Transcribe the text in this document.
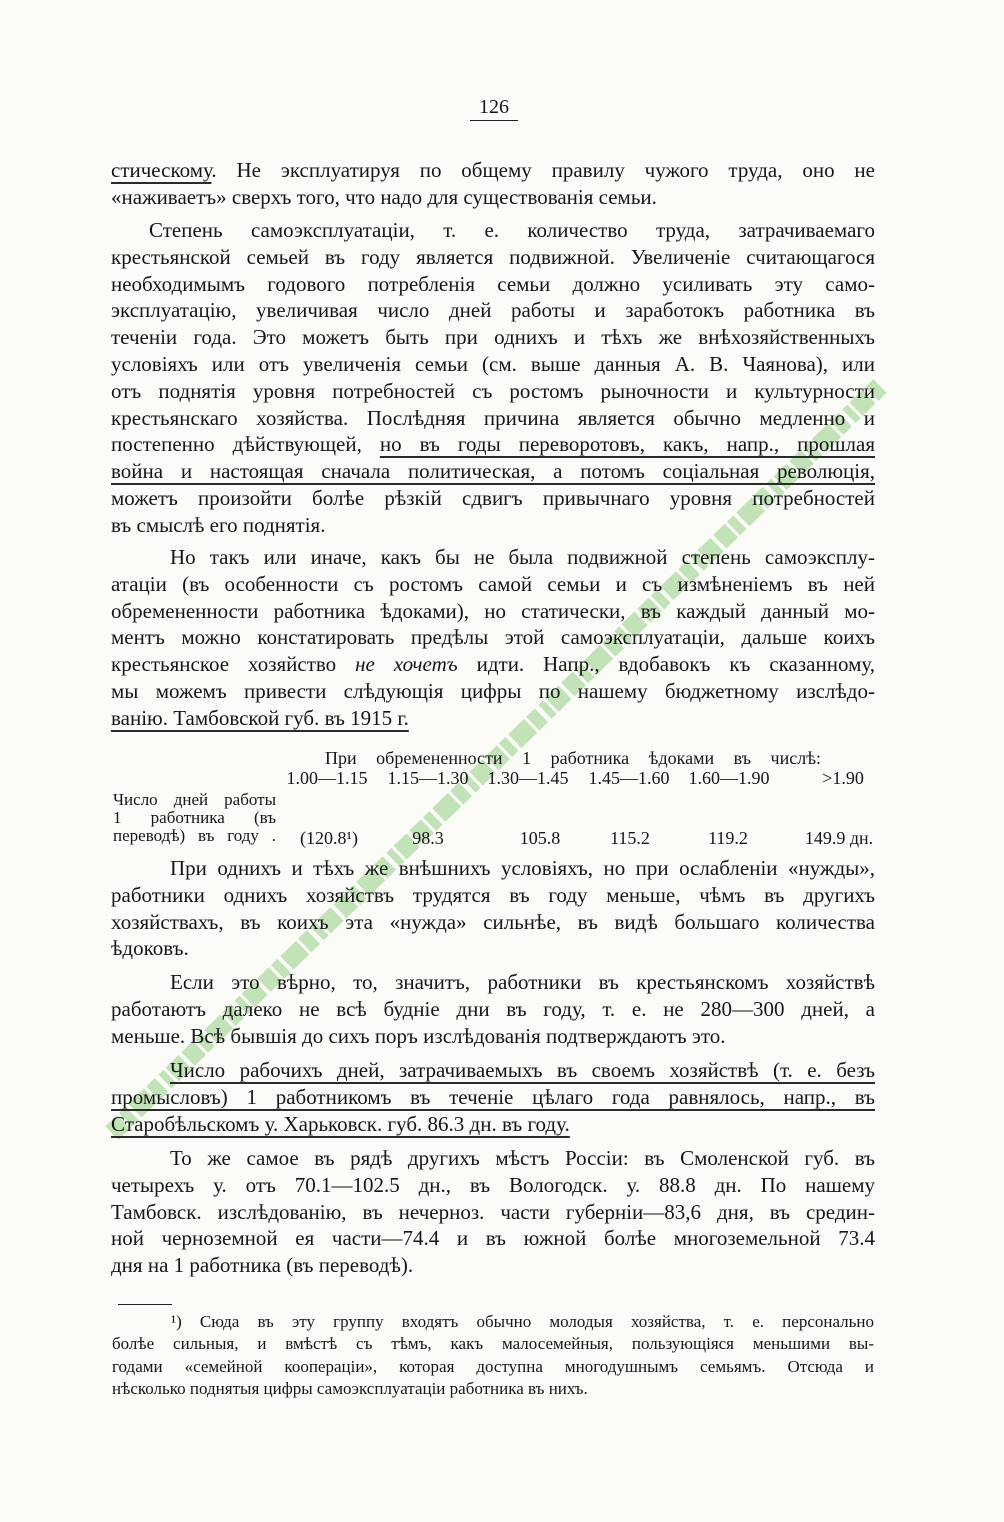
126
стическому. Не эксплуатируя по общему правилу чужого труда, оно не
«наживаетъ» сверхъ того, что надо для существованія семьи.
Степень самоэксплуатаціи, т. е. количество труда, затрачиваемаго
крестьянской семьей въ году является подвижной. Увеличеніе считающагося
необходимымъ годового потребленія семьи должно усиливать эту само-
эксплуатацію, увеличивая число дней работы и заработокъ работника въ
теченіи года. Это можетъ быть при однихъ и тѣхъ же внѣхозяйственныхъ
условіяхъ или отъ увеличенія семьи (см. выше данныя А. В. Чаянова), или
отъ поднятія уровня потребностей съ ростомъ рыночности и культурности
крестьянскаго хозяйства. Послѣдняя причина является обычно медленно и
постепенно дѣйствующей, но въ годы переворотовъ, какъ, напр., прошлая
война и настоящая сначала политическая, а потомъ соціальная революція,
можетъ произойти болѣе рѣзкій сдвигъ привычнаго уровня потребностей
въ смыслѣ его поднятія.
Но такъ или иначе, какъ бы не была подвижной степень самоэксплу-
атаціи (въ особенности съ ростомъ самой семьи и съ измѣненіемъ въ ней
обремененности работника ѣдоками), но статически, въ каждый данный мо-
ментъ можно констатировать предѣлы этой самоэксплуатаціи, дальше коихъ
крестьянское хозяйство не хочетъ идти. Напр., вдобавокъ къ сказанному,
мы можемъ привести слѣдующія цифры по нашему бюджетному изслѣдо-
ванію. Тамбовской губ. въ 1915 г.
При обремененности 1 работника ѣдоками въ числѣ:
1.00—1.15	1.15—1.30	1.30—1.45	1.45—1.60	1.60—1.90	>1.90
Число дней работы
1 работника (въ
переводѣ) въ году .	(120.8¹)	98.3	105.8	115.2	119.2	149.9 дн.
При однихъ и тѣхъ же внѣшнихъ условіяхъ, но при ослабленіи «нужды»,
работники однихъ хозяйствъ трудятся въ году меньше, чѣмъ въ другихъ
хозяйствахъ, въ коихъ эта «нужда» сильнѣе, въ видѣ большаго количества
ѣдоковъ.
Если это вѣрно, то, значитъ, работники въ крестьянскомъ хозяйствѣ
работаютъ далеко не всѣ будніе дни въ году, т. е. не 280—300 дней, а
меньше. Всѣ бывшія до сихъ поръ изслѣдованія подтверждаютъ это.
Число рабочихъ дней, затрачиваемыхъ въ своемъ хозяйствѣ (т. е. безъ
промысловъ) 1 работникомъ въ теченіе цѣлаго года равнялось, напр., въ
Старобѣльскомъ у. Харьковск. губ. 86.3 дн. въ году.
То же самое въ рядѣ другихъ мѣстъ Россіи: въ Смоленской губ. въ
четырехъ у. отъ 70.1—102.5 дн., въ Вологодск. у. 88.8 дн. По нашему
Тамбовск. изслѣдованію, въ нечерноз. части губерніи—83,6 дня, въ средин-
ной черноземной ея части—74.4 и въ южной болѣе многоземельной 73.4
дня на 1 работника (въ переводѣ).
¹) Сюда въ эту группу входятъ обычно молодыя хозяйства, т. е. персонально
болѣе сильныя, и вмѣстѣ съ тѣмъ, какъ малосемейныя, пользующіяся меньшими вы-
годами «семейной коопераціи», которая доступна многодушнымъ семьямъ. Отсюда и
нѣсколько поднятыя цифры самоэксплуатаціи работника въ нихъ.
